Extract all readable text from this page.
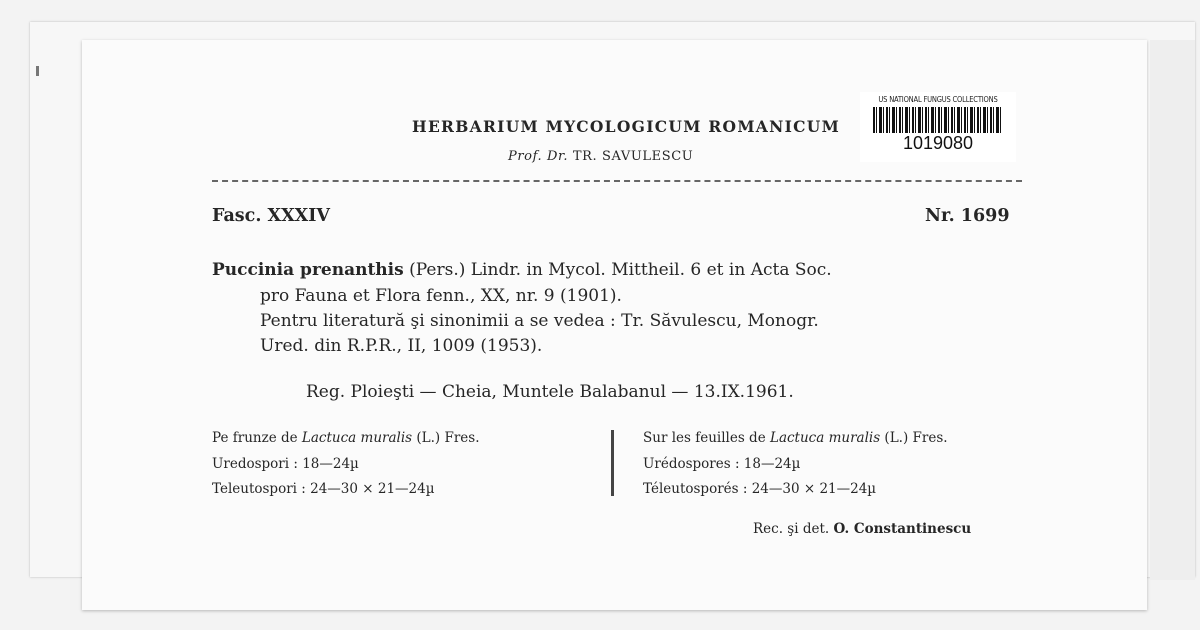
HERBARIUM MYCOLOGICUM ROMANICUM
Prof. Dr. TR. SAVULESCU
US NATIONAL FUNGUS COLLECTIONS
1019080
Fasc. XXXIV	Nr. 1699
Puccinia prenanthis (Pers.) Lindr. in Mycol. Mittheil. 6 et in Acta Soc.
pro Fauna et Flora fenn., XX, nr. 9 (1901).
Pentru literatură şi sinonimii a se vedea : Tr. Săvulescu, Monogr.
Ured. din R.P.R., II, 1009 (1953).
Reg. Ploieşti — Cheia, Muntele Balabanul — 13.IX.1961.
Pe frunze de Lactuca muralis (L.) Fres.
Uredospori : 18—24µ
Teleutospori : 24—30 × 21—24µ
Sur les feuilles de Lactuca muralis (L.) Fres.
Urédospores : 18—24µ
Téleutosporés : 24—30 × 21—24µ
Rec. şi det. O. Constantinescu
